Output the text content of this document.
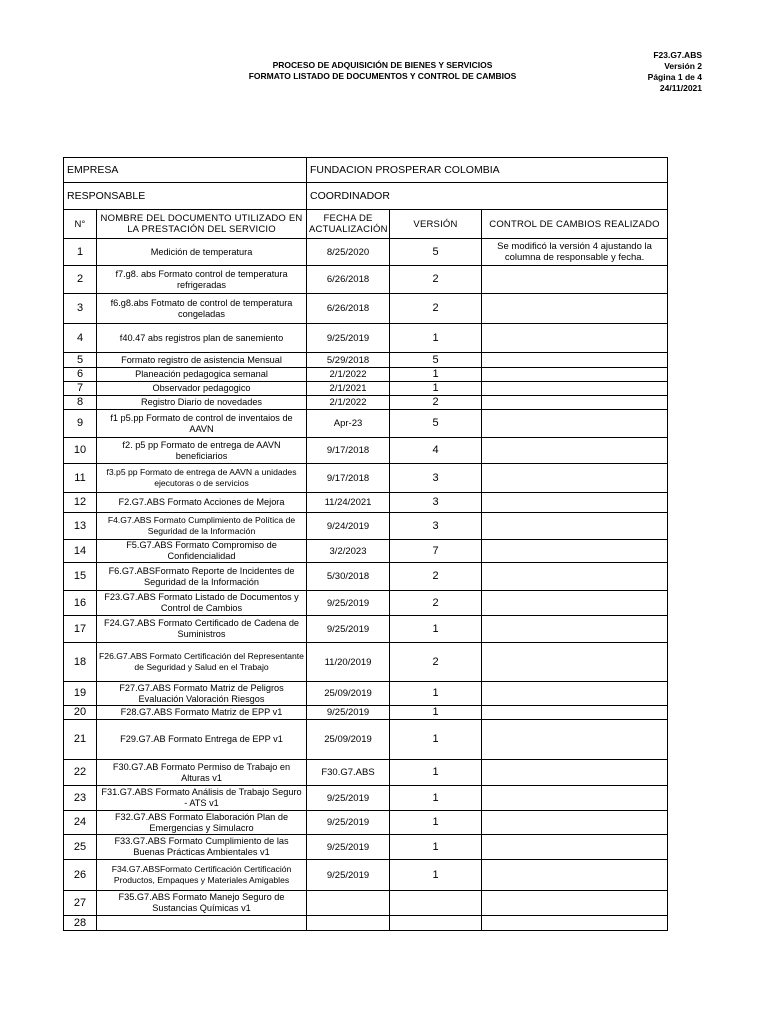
PROCESO DE ADQUISICIÓN DE BIENES Y SERVICIOS
FORMATO LISTADO DE DOCUMENTOS Y CONTROL DE CAMBIOS
F23.G7.ABS
Versión 2
Página 1 de 4
24/11/2021
EMPRESA		FUNDACION PROSPERAR COLOMBIA		
RESPONSABLE		COORDINADOR		
N°	NOMBRE DEL DOCUMENTO UTILIZADO EN LA PRESTACIÓN DEL SERVICIO	FECHA DE ACTUALIZACIÓN	VERSIÓN	CONTROL DE CAMBIOS REALIZADO
1	Medición de temperatura	8/25/2020	5	Se modificó la versión 4 ajustando la columna de responsable y fecha.
2	f7.g8. abs Formato control de temperatura refrigeradas	6/26/2018	2	
3	f6.g8.abs Fotmato de control de temperatura congeladas	6/26/2018	2	
4	f40.47 abs registros plan de sanemiento	9/25/2019	1	
5	Formato registro de asistencia Mensual	5/29/2018	5	
6	Planeación pedagogica semanal	2/1/2022	1	
7	Observador pedagogico	2/1/2021	1	
8	Registro Diario de novedades	2/1/2022	2	
9	f1 p5.pp Formato de control de inventaios de AAVN	Apr-23	5	
10	f2. p5 pp Formato de entrega de AAVN beneficiarios	9/17/2018	4	
11	f3.p5 pp Formato de entrega de AAVN a unidades ejecutoras o de servicios	9/17/2018	3	
12	F2.G7.ABS Formato Acciones de Mejora	11/24/2021	3	
13	F4.G7.ABS Formato Cumplimiento de Política de Seguridad de la Información	9/24/2019	3	
14	F5.G7.ABS Formato Compromiso de Confidencialidad	3/2/2023	7	
15	F6.G7.ABSFormato Reporte de Incidentes de Seguridad de la Información	5/30/2018	2	
16	F23.G7.ABS Formato Listado de Documentos y Control de Cambios	9/25/2019	2	
17	F24.G7.ABS Formato Certificado de Cadena de Suministros	9/25/2019	1	
18	F26.G7.ABS Formato Certificación del Representante de Seguridad y Salud en el Trabajo	11/20/2019	2	
19	F27.G7.ABS Formato Matriz de Peligros Evaluación Valoración Riesgos	25/09/2019	1	
20	F28.G7.ABS Formato Matriz de EPP v1	9/25/2019	1	
21	F29.G7.AB Formato Entrega de EPP v1	25/09/2019	1	
22	F30.G7.AB Formato Permiso de Trabajo en Alturas v1	F30.G7.ABS	1	
23	F31.G7.ABS Formato Análisis de Trabajo Seguro - ATS v1	9/25/2019	1	
24	F32.G7.ABS Formato Elaboración Plan de Emergencias y Simulacro	9/25/2019	1	
25	F33.G7.ABS Formato Cumplimiento de las Buenas Prácticas Ambientales v1	9/25/2019	1	
26	F34.G7.ABSFormato Certificación Certificación Productos, Empaques y Materiales Amigables	9/25/2019	1	
27	F35.G7.ABS Formato Manejo Seguro de Sustancias Químicas v1			
28				
